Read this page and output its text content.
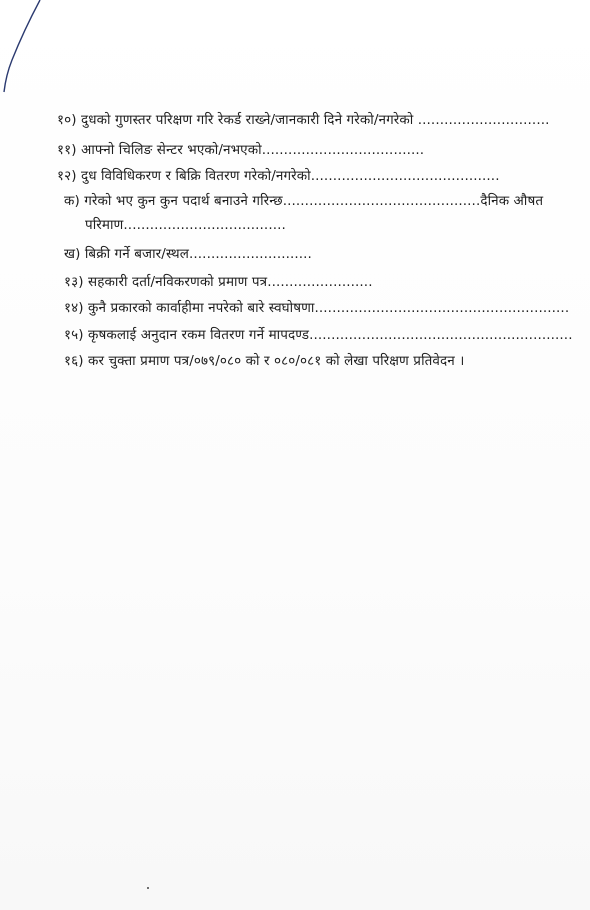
१०) दुधको गुणस्तर परिक्षण गरि रेकर्ड राख्ने/जानकारी दिने गरेको/नगरेको ..............................
११) आफ्नो चिलिङ सेन्टर भएको/नभएको.....................................
१२) दुध विविधिकरण र बिक्रि वितरण गरेको/नगरेको...........................................
क) गरेको भए कुन कुन पदार्थ बनाउने गरिन्छ.............................................दैनिक औषत
परिमाण.....................................
ख) बिक्री गर्ने बजार/स्थल............................
१३) सहकारी दर्ता/नविकरणको प्रमाण पत्र........................
१४) कुनै प्रकारको कार्वाहीमा नपरेको बारे स्वघोषणा..........................................................
१५) कृषकलाई अनुदान रकम वितरण गर्ने मापदण्ड............................................................
१६) कर चुक्ता प्रमाण पत्र/०७९/०८० को र ०८०/०८१ को लेखा परिक्षण प्रतिवेदन ।
